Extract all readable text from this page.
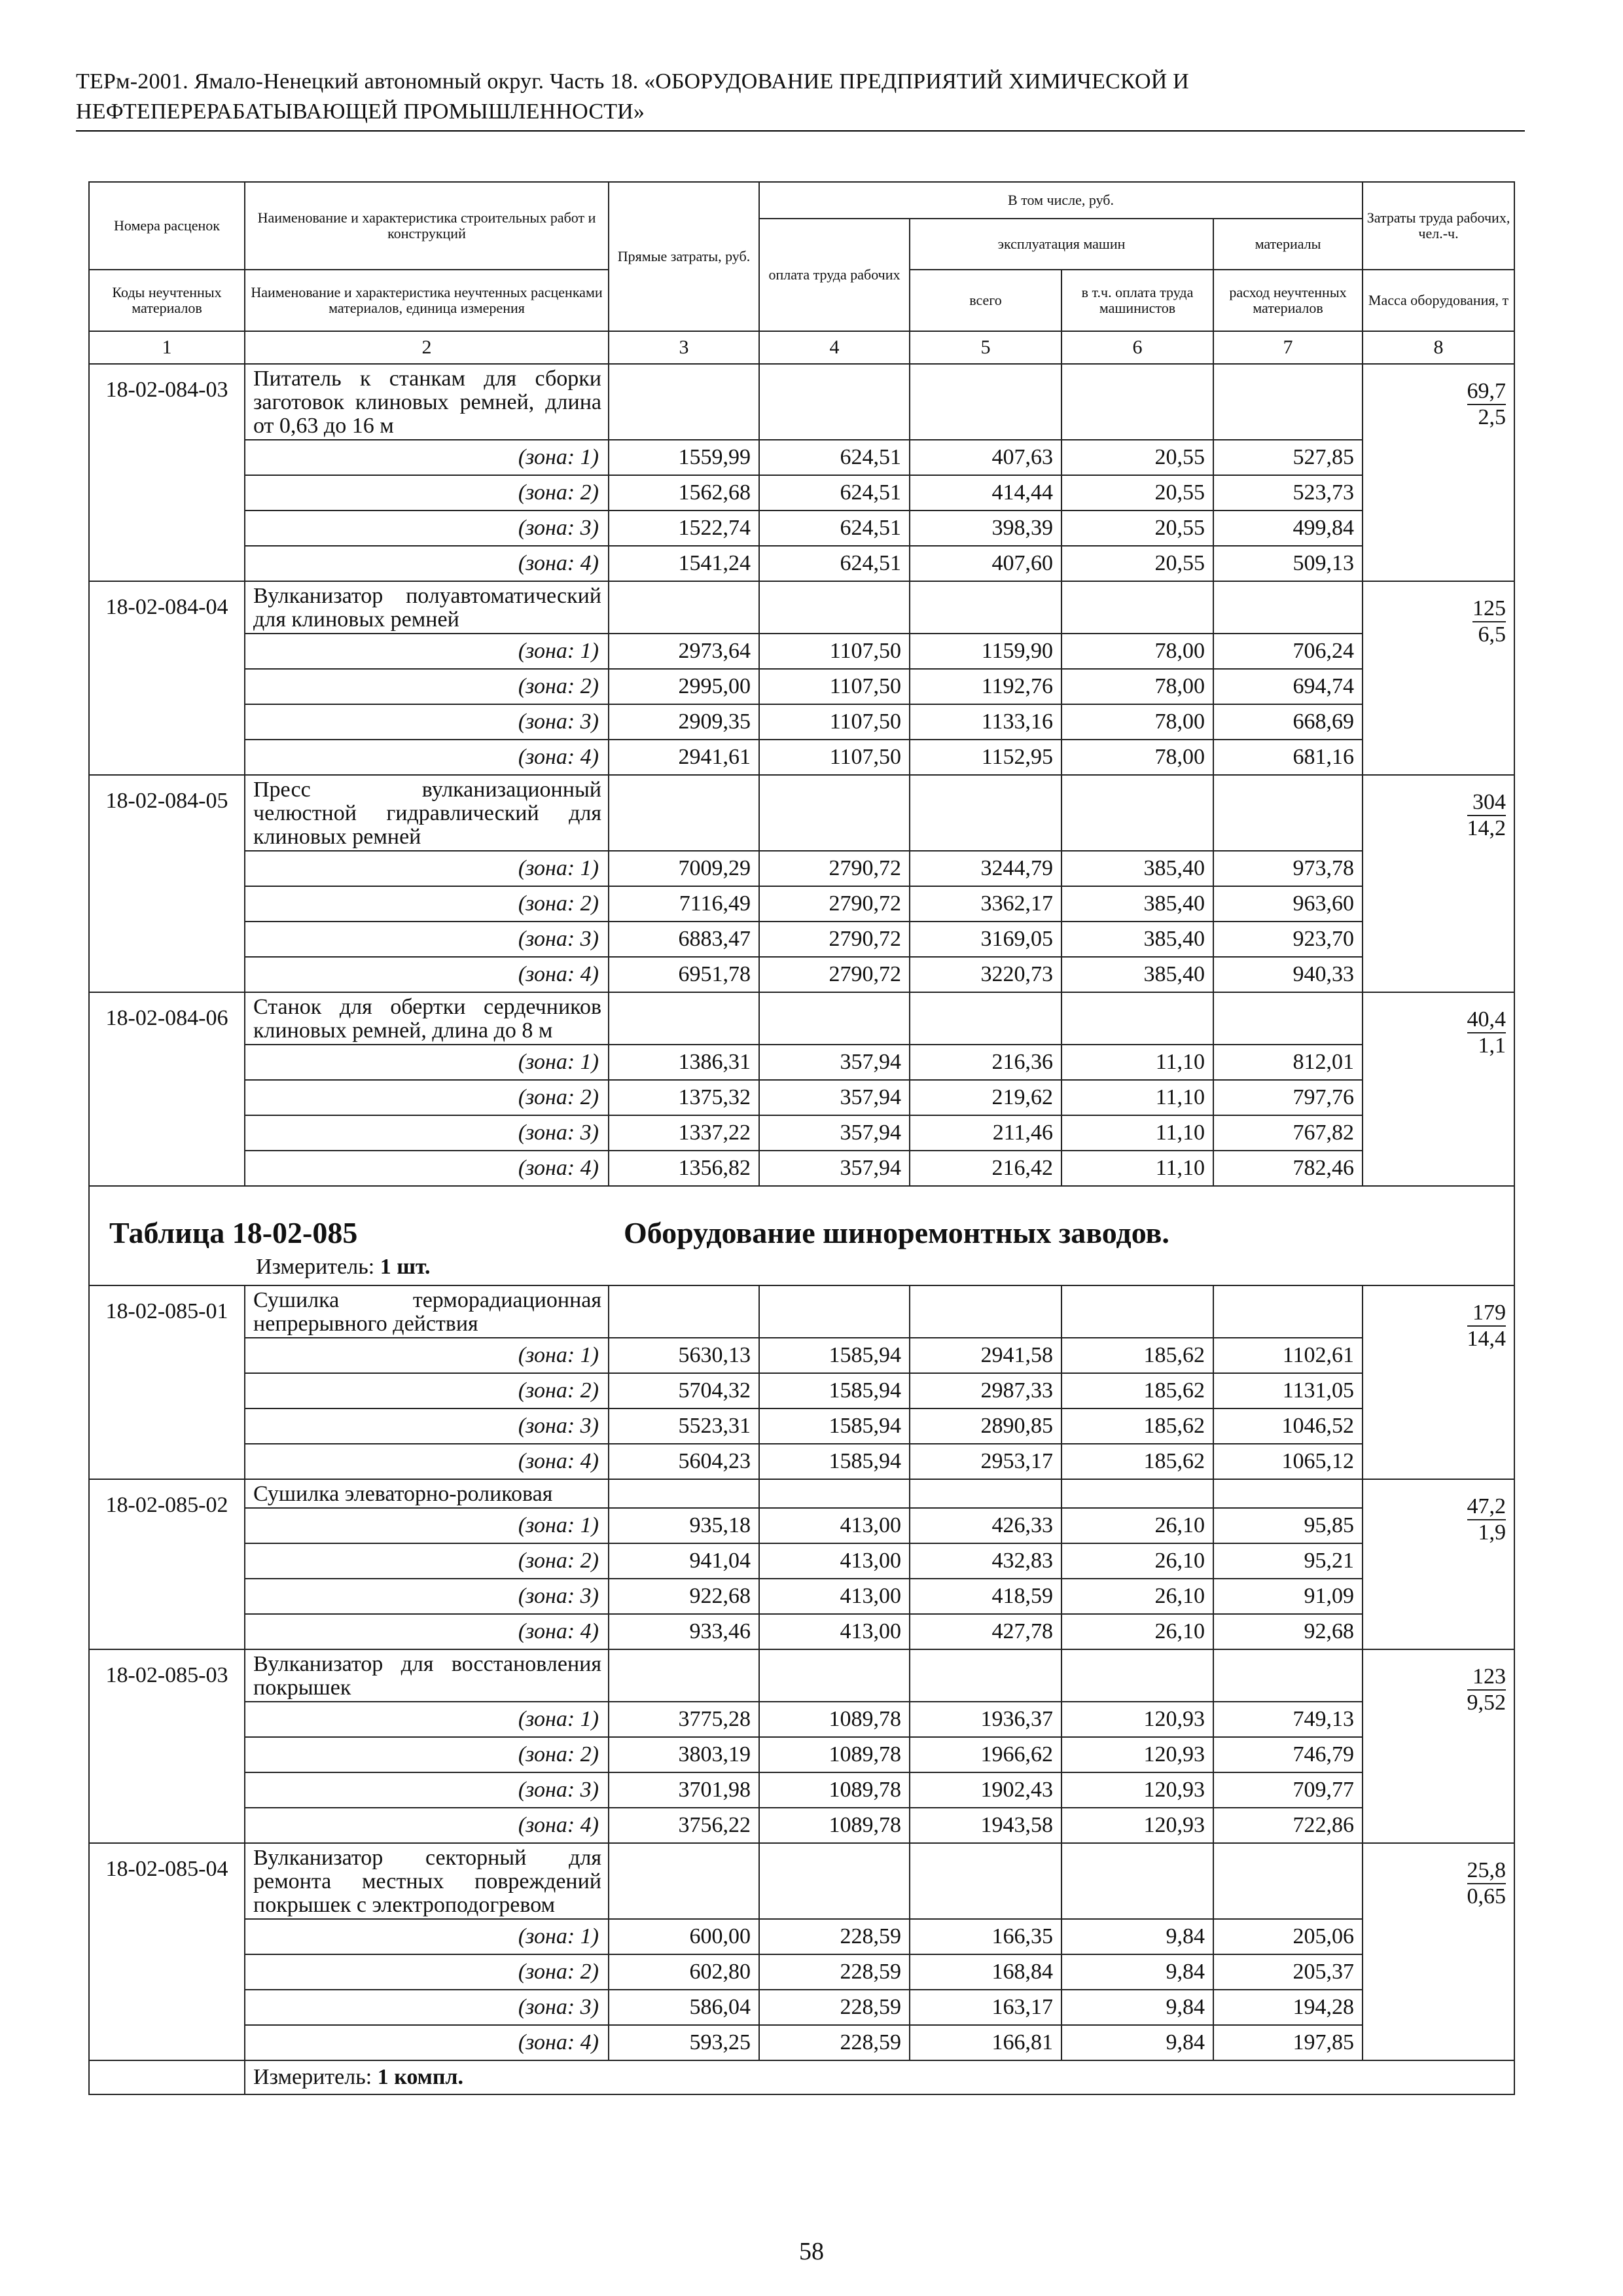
ТЕРм-2001. Ямало-Ненецкий автономный округ. Часть 18. «ОБОРУДОВАНИЕ ПРЕДПРИЯТИЙ ХИМИЧЕСКОЙ И
НЕФТЕПЕРЕРАБАТЫВАЮЩЕЙ ПРОМЫШЛЕННОСТИ»
Номера расценок	Наименование и характеристика строительных работ и конструкций	Прямые затраты, руб.	В том числе, руб.				Затраты труда рабочих, чел.-ч.
			оплата труда рабочих	эксплуатация машин		материалы	
Коды неучтенных материалов	Наименование и характеристика неучтенных расценками материалов, единица измерения			всего	в т.ч. оплата труда машинистов	расход неучтенных материалов	Масса оборудования, т
1	2	3	4	5	6	7	8
18-02-084-03	Питатель к станкам для сборки заготовок клиновых ремней, длина от 0,63 до 16 м						$\frac{69,7}{2,5}$

	(зона: 1)	1559,99	624,51	407,63	20,55	527,85	
	(зона: 2)	1562,68	624,51	414,44	20,55	523,73	
	(зона: 3)	1522,74	624,51	398,39	20,55	499,84	
	(зона: 4)	1541,24	624,51	407,60	20,55	509,13	
18-02-084-04	Вулканизатор полуавтоматический для клиновых ремней						$\frac{125}{6,5}$

	(зона: 1)	2973,64	1107,50	1159,90	78,00	706,24	
	(зона: 2)	2995,00	1107,50	1192,76	78,00	694,74	
	(зона: 3)	2909,35	1107,50	1133,16	78,00	668,69	
	(зона: 4)	2941,61	1107,50	1152,95	78,00	681,16	
18-02-084-05	Пресс вулканизационный челюстной гидравлический для клиновых ремней						$\frac{304}{14,2}$

	(зона: 1)	7009,29	2790,72	3244,79	385,40	973,78	
	(зона: 2)	7116,49	2790,72	3362,17	385,40	963,60	
	(зона: 3)	6883,47	2790,72	3169,05	385,40	923,70	
	(зона: 4)	6951,78	2790,72	3220,73	385,40	940,33	
18-02-084-06	Станок для обертки сердечников клиновых ремней, длина до 8 м						$\frac{40,4}{1,1}$

	(зона: 1)	1386,31	357,94	216,36	11,10	812,01	
	(зона: 2)	1375,32	357,94	219,62	11,10	797,76	
	(зона: 3)	1337,22	357,94	211,46	11,10	767,82	
	(зона: 4)	1356,82	357,94	216,42	11,10	782,46	

Таблица 18-02-085 Оборудование шиноремонтных заводов.
Измеритель: 1 шт.							

18-02-085-01	Сушилка терморадиационная непрерывного действия						$\frac{179}{14,4}$

	(зона: 1)	5630,13	1585,94	2941,58	185,62	1102,61	
	(зона: 2)	5704,32	1585,94	2987,33	185,62	1131,05	
	(зона: 3)	5523,31	1585,94	2890,85	185,62	1046,52	
	(зона: 4)	5604,23	1585,94	2953,17	185,62	1065,12	
18-02-085-02	Сушилка элеваторно-роликовая						$\frac{47,2}{1,9}$

	(зона: 1)	935,18	413,00	426,33	26,10	95,85	
	(зона: 2)	941,04	413,00	432,83	26,10	95,21	
	(зона: 3)	922,68	413,00	418,59	26,10	91,09	
	(зона: 4)	933,46	413,00	427,78	26,10	92,68	
18-02-085-03	Вулканизатор для восстановления покрышек						$\frac{123}{9,52}$

	(зона: 1)	3775,28	1089,78	1936,37	120,93	749,13	
	(зона: 2)	3803,19	1089,78	1966,62	120,93	746,79	
	(зона: 3)	3701,98	1089,78	1902,43	120,93	709,77	
	(зона: 4)	3756,22	1089,78	1943,58	120,93	722,86	
18-02-085-04	Вулканизатор секторный для ремонта местных повреждений покрышек с электроподогревом						$\frac{25,8}{0,65}$

	(зона: 1)	600,00	228,59	166,35	9,84	205,06	
	(зона: 2)	602,80	228,59	168,84	9,84	205,37	
	(зона: 3)	586,04	228,59	163,17	9,84	194,28	
	(зона: 4)	593,25	228,59	166,81	9,84	197,85	
	Измеритель: 1 компл.						
58
